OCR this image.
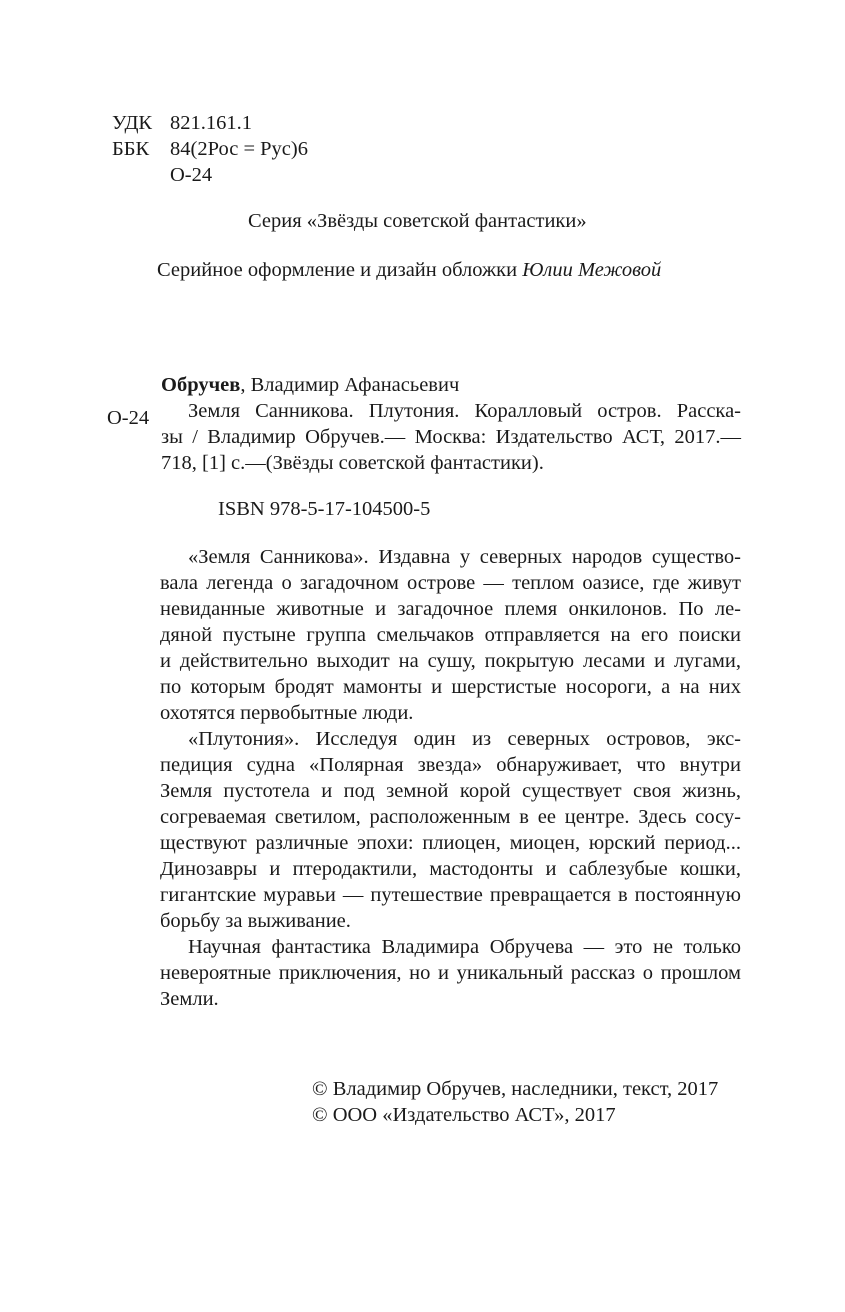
УДК 821.161.1
ББК 84(2Рос = Рус)6
О-24
Серия «Звёзды советской фантастики»
Серийное оформление и дизайн обложки Юлии Межовой
Обручев, Владимир Афанасьевич
О-24 Земля Санникова. Плутония. Коралловый остров. Расска-
зы / Владимир Обручев.— Москва: Издательство АСТ, 2017.—
718, [1] с.—(Звёзды советской фантастики).
ISBN 978-5-17-104500-5
«Земля Санникова». Издавна у северных народов существо-
вала легенда о загадочном острове — теплом оазисе, где живут
невиданные животные и загадочное племя онкилонов. По ле-
дяной пустыне группа смельчаков отправляется на его поиски
и действительно выходит на сушу, покрытую лесами и лугами,
по которым бродят мамонты и шерстистые носороги, а на них
охотятся первобытные люди.
«Плутония». Исследуя один из северных островов, экс-
педиция судна «Полярная звезда» обнаруживает, что внутри
Земля пустотела и под земной корой существует своя жизнь,
согреваемая светилом, расположенным в ее центре. Здесь сосу-
ществуют различные эпохи: плиоцен, миоцен, юрский период...
Динозавры и птеродактили, мастодонты и саблезубые кошки,
гигантские муравьи — путешествие превращается в постоянную
борьбу за выживание.
Научная фантастика Владимира Обручева — это не только
невероятные приключения, но и уникальный рассказ о прошлом
Земли.
© Владимир Обручев, наследники, текст, 2017
© ООО «Издательство АСТ», 2017
